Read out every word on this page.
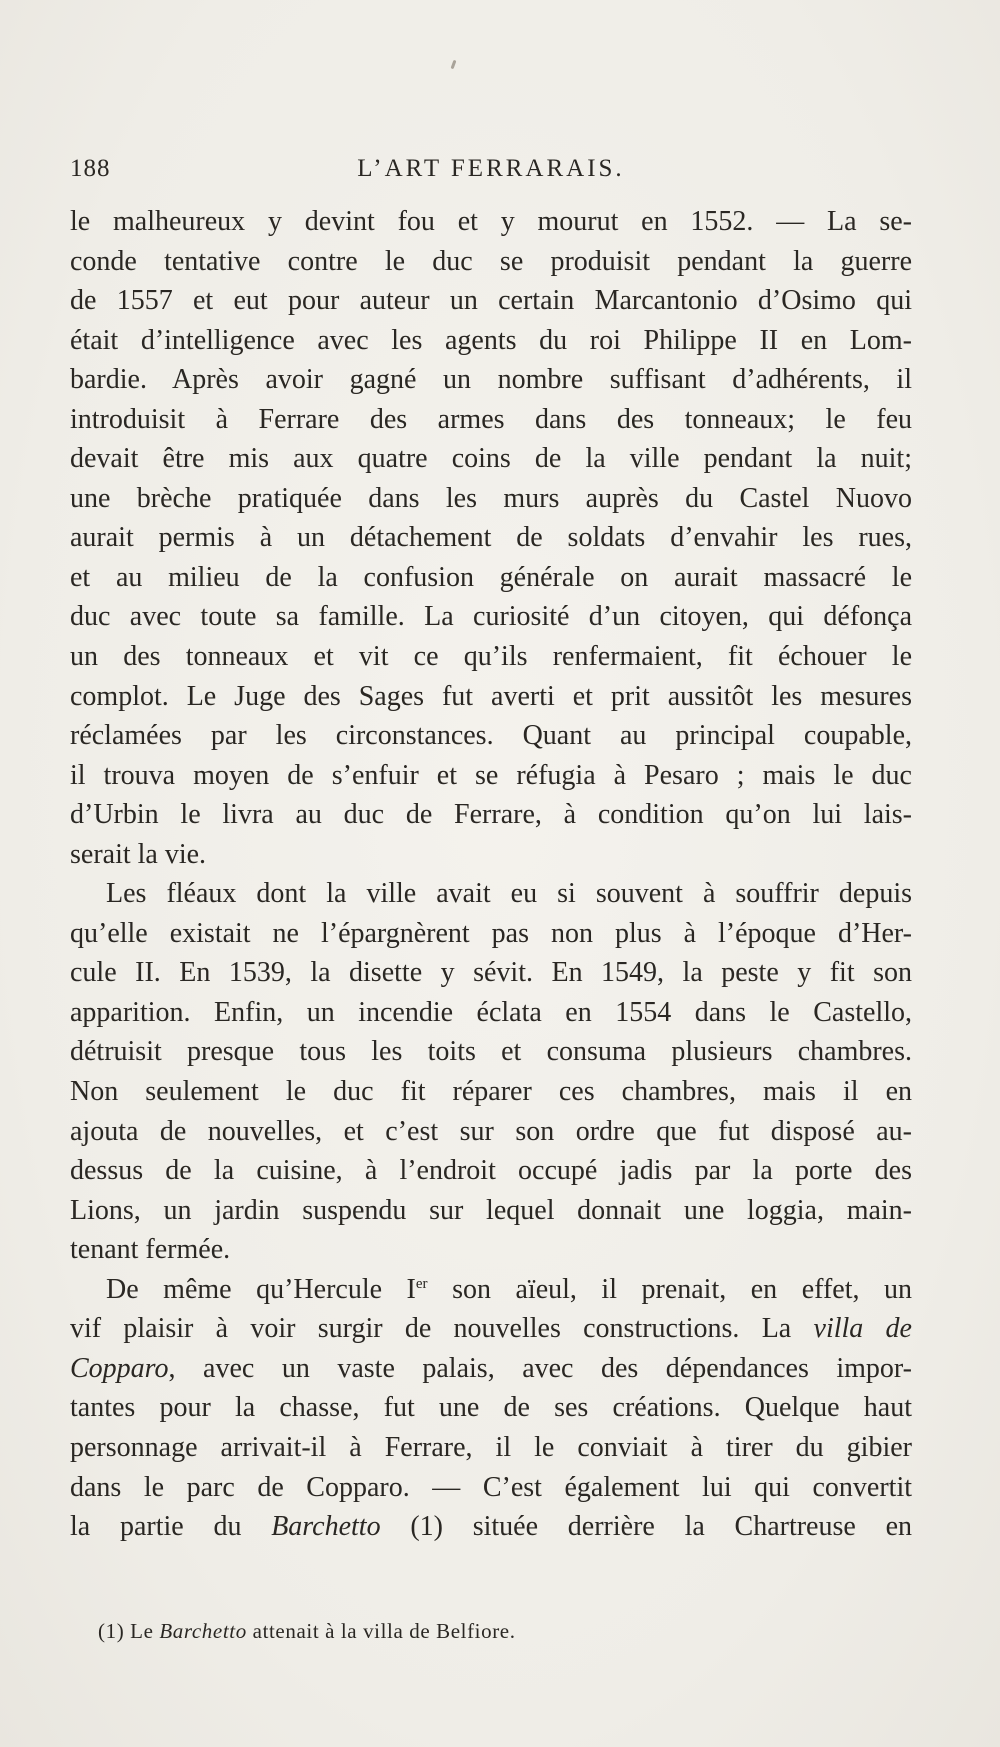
188	L’ART FERRARAIS.
le malheureux y devint fou et y mourut en 1552. — La se-
conde tentative contre le duc se produisit pendant la guerre
de 1557 et eut pour auteur un certain Marcantonio d’Osimo qui
était d’intelligence avec les agents du roi Philippe II en Lom-
bardie. Après avoir gagné un nombre suffisant d’adhérents, il
introduisit à Ferrare des armes dans des tonneaux; le feu
devait être mis aux quatre coins de la ville pendant la nuit;
une brèche pratiquée dans les murs auprès du Castel Nuovo
aurait permis à un détachement de soldats d’envahir les rues,
et au milieu de la confusion générale on aurait massacré le
duc avec toute sa famille. La curiosité d’un citoyen, qui défonça
un des tonneaux et vit ce qu’ils renfermaient, fit échouer le
complot. Le Juge des Sages fut averti et prit aussitôt les mesures
réclamées par les circonstances. Quant au principal coupable,
il trouva moyen de s’enfuir et se réfugia à Pesaro ; mais le duc
d’Urbin le livra au duc de Ferrare, à condition qu’on lui lais-
serait la vie.
Les fléaux dont la ville avait eu si souvent à souffrir depuis
qu’elle existait ne l’épargnèrent pas non plus à l’époque d’Her-
cule II. En 1539, la disette y sévit. En 1549, la peste y fit son
apparition. Enfin, un incendie éclata en 1554 dans le Castello,
détruisit presque tous les toits et consuma plusieurs chambres.
Non seulement le duc fit réparer ces chambres, mais il en
ajouta de nouvelles, et c’est sur son ordre que fut disposé au-
dessus de la cuisine, à l’endroit occupé jadis par la porte des
Lions, un jardin suspendu sur lequel donnait une loggia, main-
tenant fermée.
De même qu’Hercule Ier son aïeul, il prenait, en effet, un
vif plaisir à voir surgir de nouvelles constructions. La villa de
Copparo, avec un vaste palais, avec des dépendances impor-
tantes pour la chasse, fut une de ses créations. Quelque haut
personnage arrivait-il à Ferrare, il le conviait à tirer du gibier
dans le parc de Copparo. — C’est également lui qui convertit
la partie du Barchetto (1) située derrière la Chartreuse en
(1) Le Barchetto attenait à la villa de Belfiore.
